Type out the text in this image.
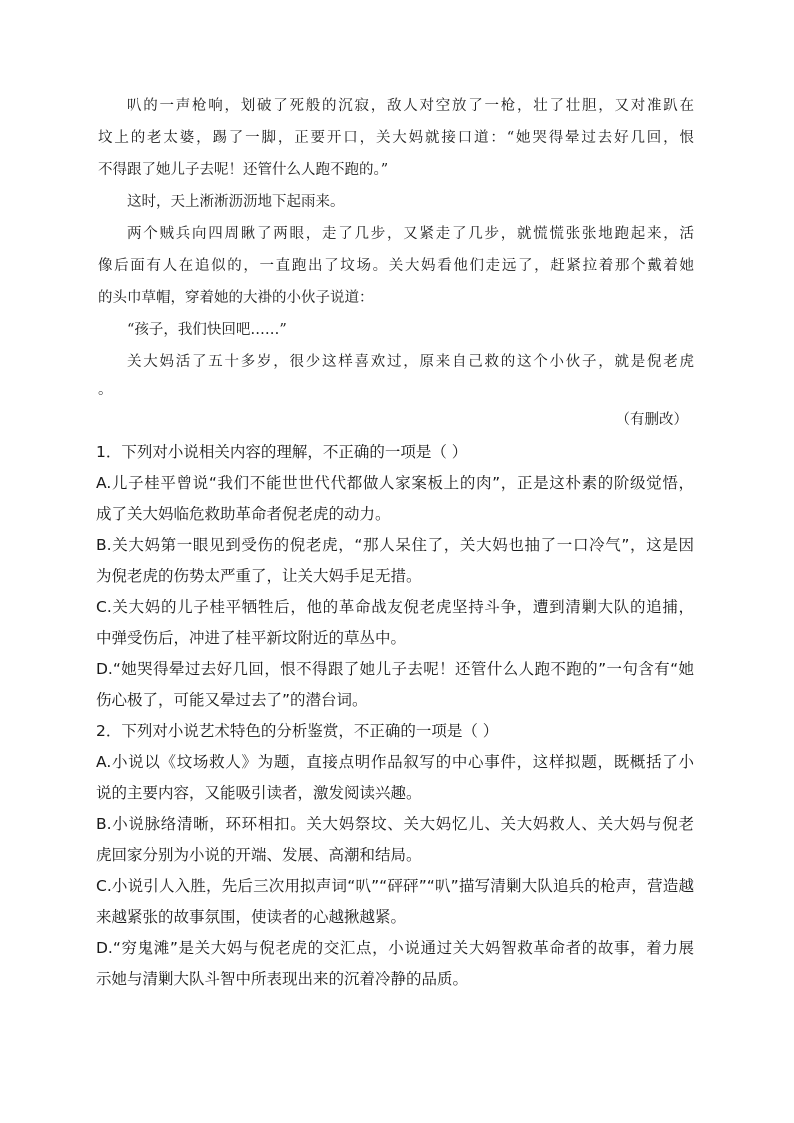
叭的一声枪响，划破了死般的沉寂，敌人对空放了一枪，壮了壮胆，又对准趴在
坟上的老太婆，踢了一脚，正要开口，关大妈就接口道：“她哭得晕过去好几回，恨
不得跟了她儿子去呢！还管什么人跑不跑的。”
这时，天上淅淅沥沥地下起雨来。
两个贼兵向四周瞅了两眼，走了几步，又紧走了几步，就慌慌张张地跑起来，活
像后面有人在追似的，一直跑出了坟场。关大妈看他们走远了，赶紧拉着那个戴着她
的头巾草帽，穿着她的大褂的小伙子说道：
“孩子，我们快回吧……”
关大妈活了五十多岁，很少这样喜欢过，原来自己救的这个小伙子，就是倪老虎
。
（有删改）
1．下列对小说相关内容的理解，不正确的一项是（ ）
A.儿子桂平曾说“我们不能世世代代都做人家案板上的肉”，正是这朴素的阶级觉悟，
成了关大妈临危救助革命者倪老虎的动力。
B.关大妈第一眼见到受伤的倪老虎，“那人呆住了，关大妈也抽了一口冷气”，这是因
为倪老虎的伤势太严重了，让关大妈手足无措。
C.关大妈的儿子桂平牺牲后，他的革命战友倪老虎坚持斗争，遭到清剿大队的追捕，
中弹受伤后，冲进了桂平新坟附近的草丛中。
D.“她哭得晕过去好几回，恨不得跟了她儿子去呢！还管什么人跑不跑的”一句含有“她
伤心极了，可能又晕过去了”的潜台词。
2．下列对小说艺术特色的分析鉴赏，不正确的一项是（ ）
A.小说以《坟场救人》为题，直接点明作品叙写的中心事件，这样拟题，既概括了小
说的主要内容，又能吸引读者，激发阅读兴趣。
B.小说脉络清晰，环环相扣。关大妈祭坟、关大妈忆儿、关大妈救人、关大妈与倪老
虎回家分别为小说的开端、发展、高潮和结局。
C.小说引人入胜，先后三次用拟声词“叭”“砰砰”“叭”描写清剿大队追兵的枪声，营造越
来越紧张的故事氛围，使读者的心越揪越紧。
D.“穷鬼滩”是关大妈与倪老虎的交汇点，小说通过关大妈智救革命者的故事，着力展
示她与清剿大队斗智中所表现出来的沉着冷静的品质。
